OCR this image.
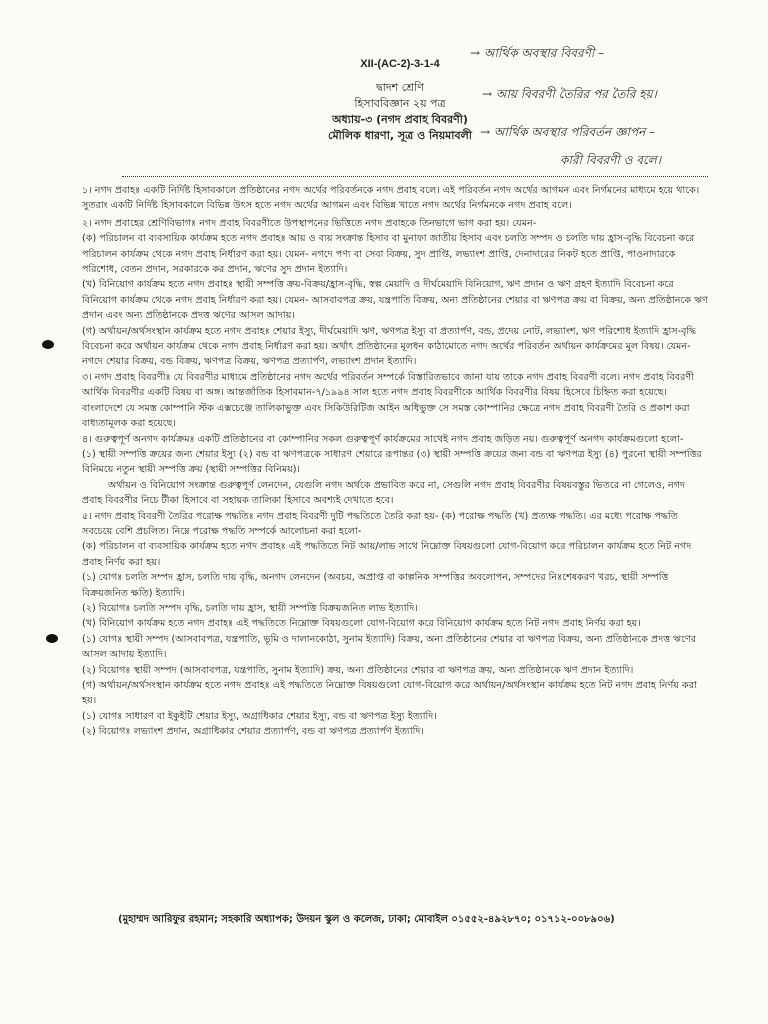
XII-(AC-2)-3-1-4
দ্বাদশ শ্রেণি
হিসাববিজ্ঞান ২য় পত্র
অধ্যায়-৩ (নগদ প্রবাহ বিবরণী)
মৌলিক ধারণা, সূত্র ও নিয়মাবলী
→ আর্থিক অবস্থার বিবরণী –
→ আয় বিবরণী তৈরির পর তৈরি হয়।
→ আর্থিক অবস্থার পরিবর্তন জ্ঞাপন –
কারী বিবরণী ও বলে।

১। নগদ প্রবাহঃ একটি নির্দিষ্ট হিসাবকালে প্রতিষ্ঠানের নগদ অর্থের পরিবর্তনকে নগদ প্রবাহ বলে। এই পরিবর্তন নগদ অর্থের আগমন এবং নির্গমনের মাধ্যমে হয়ে থাকে। সুতরাং একটি নির্দিষ্ট হিসাবকালে বিভিন্ন উৎস হতে নগদ অর্থের আগমন এবং বিভিন্ন খাতে নগদ অর্থের নির্গমনকে নগদ প্রবাহ বলে।

২। নগদ প্রবাহের শ্রেণিবিভাগঃ নগদ প্রবাহ বিবরণীতে উপস্থাপনের ভিত্তিতে নগদ প্রবাহকে তিনভাগে ভাগ করা হয়। যেমন-

(ক) পরিচালন বা ব্যবসায়িক কার্যক্রম হতে নগদ প্রবাহঃ আয় ও ব্যয় সংক্রান্ত হিসাব বা মুনাফা জাতীয় হিসাব এবং চলতি সম্পদ ও চলতি দায় হ্রাস-বৃদ্ধি বিবেচনা করে পরিচালন কার্যক্রম থেকে নগদ প্রবাহ নির্ধারণ করা হয়। যেমন- নগদে পণ্য বা সেবা বিক্রয়, সুদ প্রাপ্তি, লভ্যাংশ প্রাপ্তি, দেনাদারের নিকট হতে প্রাপ্তি, পাওনাদারকে পরিশোধ, বেতন প্রদান, সরকারকে কর প্রদান, ঋণের সুদ প্রদান ইত্যাদি।

(খ) বিনিয়োগ কার্যক্রম হতে নগদ প্রবাহঃ স্থায়ী সম্পত্তি ক্রয়-বিক্রয়/হ্রাস-বৃদ্ধি, স্বল্প মেয়াদি ও দীর্ঘমেয়াদি বিনিয়োগ, ঋণ প্রদান ও ঋণ গ্রহণ ইত্যাদি বিবেচনা করে বিনিয়োগ কার্যক্রম থেকে নগদ প্রবাহ নির্ধারণ করা হয়। যেমন- আসবাবপত্র ক্রয়, যন্ত্রপাতি বিক্রয়, অন্য প্রতিষ্ঠানের শেয়ার বা ঋণপত্র ক্রয় বা বিক্রয়, অন্য প্রতিষ্ঠানকে ঋণ প্রদান এবং অন্য প্রতিষ্ঠানকে প্রদত্ত ঋণের আসল আদায়।

(গ) অর্থায়ন/অর্থসংস্থান কার্যক্রম হতে নগদ প্রবাহঃ শেয়ার ইস্যু, দীর্ঘমেয়াদি ঋণ, ঋণপত্র ইস্যু বা প্রত্যার্পণ, বন্ড, প্রদেয় নোট, লভ্যাংশ, ঋণ পরিশোধ ইত্যাদি হ্রাস-বৃদ্ধি বিবেচনা করে অর্থায়ন কার্যক্রম থেকে নগদ প্রবাহ নির্ধারণ করা হয়। অর্থাৎ প্রতিষ্ঠানের মূলধন কাঠামোতে নগদ অর্থের পরিবর্তন অর্থায়ন কার্যক্রমের মূল বিষয়। যেমন- নগদে শেয়ার বিক্রয়, বন্ড বিক্রয়, ঋণপত্র বিক্রয়, ঋণপত্র প্রত্যার্পণ, লভ্যাংশ প্রদান ইত্যাদি।

৩। নগদ প্রবাহ বিবরণীঃ যে বিবরণীর মাধ্যমে প্রতিষ্ঠানের নগদ অর্থের পরিবর্তন সম্পর্কে বিস্তারিতভাবে জানা যায় তাকে নগদ প্রবাহ বিবরণী বলে। নগদ প্রবাহ বিবরণী আর্থিক বিবরণীর একটি বিষয় বা অঙ্গ। আন্তর্জাতিক হিসাবমান-৭/১৯৯৪ সাল হতে নগদ প্রবাহ বিবরণীকে আর্থিক বিবরণীর বিষয় হিসেবে চিহ্নিত করা হয়েছে। বাংলাদেশে যে সমস্ত কোম্পানি স্টক এক্সচেঞ্জে তালিকাভুক্ত এবং সিকিউরিটিজ আইন অধিভুক্ত সে সমস্ত কোম্পানির ক্ষেত্রে নগদ প্রবাহ বিবরণী তৈরি ও প্রকাশ করা বাধ্যতামূলক করা হয়েছে।

৪। গুরুত্বপূর্ণ অনগদ কার্যক্রমঃ একটি প্রতিষ্ঠানের বা কোম্পানির সকল গুরুত্বপূর্ণ কার্যক্রমের সাথেই নগদ প্রবাহ জড়িত নয়। গুরুত্বপূর্ণ অনগদ কার্যক্রমগুলো হলো-

(১) স্থায়ী সম্পত্তি ক্রয়ের জন্য শেয়ার ইস্যু (২) বন্ড বা ঋণপত্রকে সাধারণ শেয়ারে রূপান্তর (৩) স্থায়ী সম্পত্তি ক্রয়ের জন্য বন্ড বা ঋণপত্র ইস্যু (৪) পুরনো স্থায়ী সম্পত্তির বিনিময়ে নতুন স্থায়ী সম্পত্তি ক্রয় (স্থায়ী সম্পত্তির বিনিময়)।

অর্থায়ন ও বিনিয়োগ সংক্রান্ত গুরুত্বপূর্ণ লেনদেন, যেগুলি নগদ অর্থকে প্রভাবিত করে না, সেগুলি নগদ প্রবাহ বিবরণীর বিষয়বস্তুর ভিতরে না গেলেও, নগদ প্রবাহ বিবরণীর নিচে টীকা হিসাবে বা সহায়ক তালিকা হিসাবে অবশ্যই দেখাতে হবে।

৫। নগদ প্রবাহ বিবরণী তৈরির পরোক্ষ পদ্ধতিঃ নগদ প্রবাহ বিবরণী দুটি পদ্ধতিতে তৈরি করা হয়- (ক) পরোক্ষ পদ্ধতি (খ) প্রত্যক্ষ পদ্ধতি। এর মধ্যে পরোক্ষ পদ্ধতি সবচেয়ে বেশি প্রচলিত। নিম্নে পরোক্ষ পদ্ধতি সম্পর্কে আলোচনা করা হলো-

(ক) পরিচালন বা ব্যবসায়িক কার্যক্রম হতে নগদ প্রবাহঃ এই পদ্ধতিতে নিট আয়/লাভ সাথে নিম্নোক্ত বিষয়গুলো যোগ-বিয়োগ করে পরিচালন কার্যক্রম হতে নিট নগদ প্রবাহ নির্ণয় করা হয়।

(১) যোগঃ চলতি সম্পদ হ্রাস, চলতি দায় বৃদ্ধি, অনগদ লেনদেন (অবচয়, অপ্রাপ্ত বা কাল্পনিক সম্পত্তির অবলোপন, সম্পদের নিঃশেষকরণ খরচ, স্থায়ী সম্পত্তি বিক্রয়জনিত ক্ষতি) ইত্যাদি।

(২) বিয়োগঃ চলতি সম্পদ বৃদ্ধি, চলতি দায় হ্রাস, স্থায়ী সম্পত্তি বিক্রয়জনিত লাভ ইত্যাদি।

(খ) বিনিয়োগ কার্যক্রম হতে নগদ প্রবাহঃ এই পদ্ধতিতে নিম্নোক্ত বিষয়গুলো যোগ-বিয়োগ করে বিনিয়োগ কার্যক্রম হতে নিট নগদ প্রবাহ নির্ণয় করা হয়।

(১) যোগঃ স্থায়ী সম্পদ (আসবাবপত্র, যন্ত্রপাতি, ভূমি ও দালানকোঠা, সুনাম ইত্যাদি) বিক্রয়, অন্য প্রতিষ্ঠানের শেয়ার বা ঋণপত্র বিক্রয়, অন্য প্রতিষ্ঠানকে প্রদত্ত ঋণের আসল আদায় ইত্যাদি।

(২) বিয়োগঃ স্থায়ী সম্পদ (আসবাবপত্র, যন্ত্রপাতি, সুনাম ইত্যাদি) ক্রয়, অন্য প্রতিষ্ঠানের শেয়ার বা ঋণপত্র ক্রয়, অন্য প্রতিষ্ঠানকে ঋণ প্রদান ইত্যাদি।

(গ) অর্থায়ন/অর্থসংস্থান কার্যক্রম হতে নগদ প্রবাহঃ এই পদ্ধতিতে নিম্নোক্ত বিষয়গুলো যোগ-বিয়োগ করে অর্থায়ন/অর্থসংস্থান কার্যক্রম হতে নিট নগদ প্রবাহ নির্ণয় করা হয়।

(১) যোগঃ সাধারণ বা ইকুইটি শেয়ার ইস্যু, অগ্রাধিকার শেয়ার ইস্যু, বন্ড বা ঋণপত্র ইস্যু ইত্যাদি।

(২) বিয়োগঃ লভ্যাংশ প্রদান, অগ্রাধিকার শেয়ার প্রত্যার্পণ, বন্ড বা ঋণপত্র প্রত্যার্পণ ইত্যাদি।

(মুহাম্মদ আরিফুর রহমান; সহকারি অধ্যাপক; উদয়ন স্কুল ও কলেজ, ঢাকা; মোবাইল ০১৫৫২-৪৯২৮৭০; ০১৭১২-০০৮৯০৬)
